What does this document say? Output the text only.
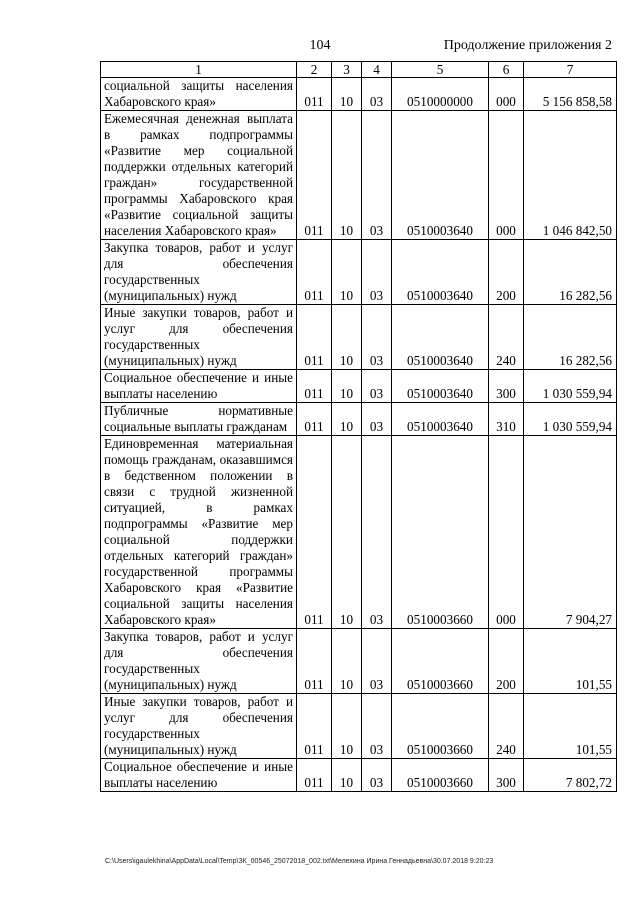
104	Продолжение приложения 2
1	2	3	4	5	6	7
социальной защиты населения Хабаровского края»	011	10	03	0510000000	000	5 156 858,58
Ежемесячная денежная выплата в рамках подпрограммы «Развитие мер социальной поддержки отдельных категорий граждан» государственной программы Хабаровского края «Развитие социальной защиты населения Хабаровского края»	011	10	03	0510003640	000	1 046 842,50
Закупка товаров, работ и услуг для обеспечения государственных (муниципальных) нужд	011	10	03	0510003640	200	16 282,56
Иные закупки товаров, работ и услуг для обеспечения государственных (муниципальных) нужд	011	10	03	0510003640	240	16 282,56
Социальное обеспечение и иные выплаты населению	011	10	03	0510003640	300	1 030 559,94
Публичные нормативные социальные выплаты гражданам	011	10	03	0510003640	310	1 030 559,94
Единовременная материальная помощь гражданам, оказавшимся в бедственном положении в связи с трудной жизненной ситуацией, в рамках подпрограммы «Развитие мер социальной поддержки отдельных категорий граждан» государственной программы Хабаровского края «Развитие социальной защиты населения Хабаровского края»	011	10	03	0510003660	000	7 904,27
Закупка товаров, работ и услуг для обеспечения государственных (муниципальных) нужд	011	10	03	0510003660	200	101,55
Иные закупки товаров, работ и услуг для обеспечения государственных (муниципальных) нужд	011	10	03	0510003660	240	101,55
Социальное обеспечение и иные выплаты населению	011	10	03	0510003660	300	7 802,72
C:\Users\igaulekhina\AppData\Local\Temp\ЗК_00546_25072018_002.txt\Мелехина Ирина Геннадьевна\30.07.2018 9:20:23
